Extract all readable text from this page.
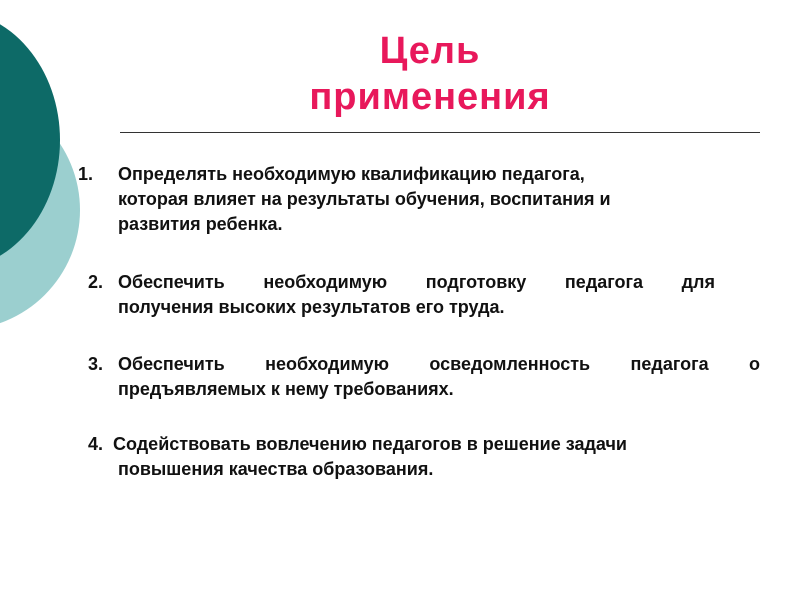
Цель
применения
1. Определять необходимую квалификацию педагога,
которая влияет на результаты обучения, воспитания и
развития ребенка.
2. Обеспечить необходимую подготовку педагога для
получения высоких результатов его труда.
3. Обеспечить необходимую осведомленность педагога о
предъявляемых к нему требованиях.
4. Содействовать вовлечению педагогов в решение задачи
повышения качества образования.
